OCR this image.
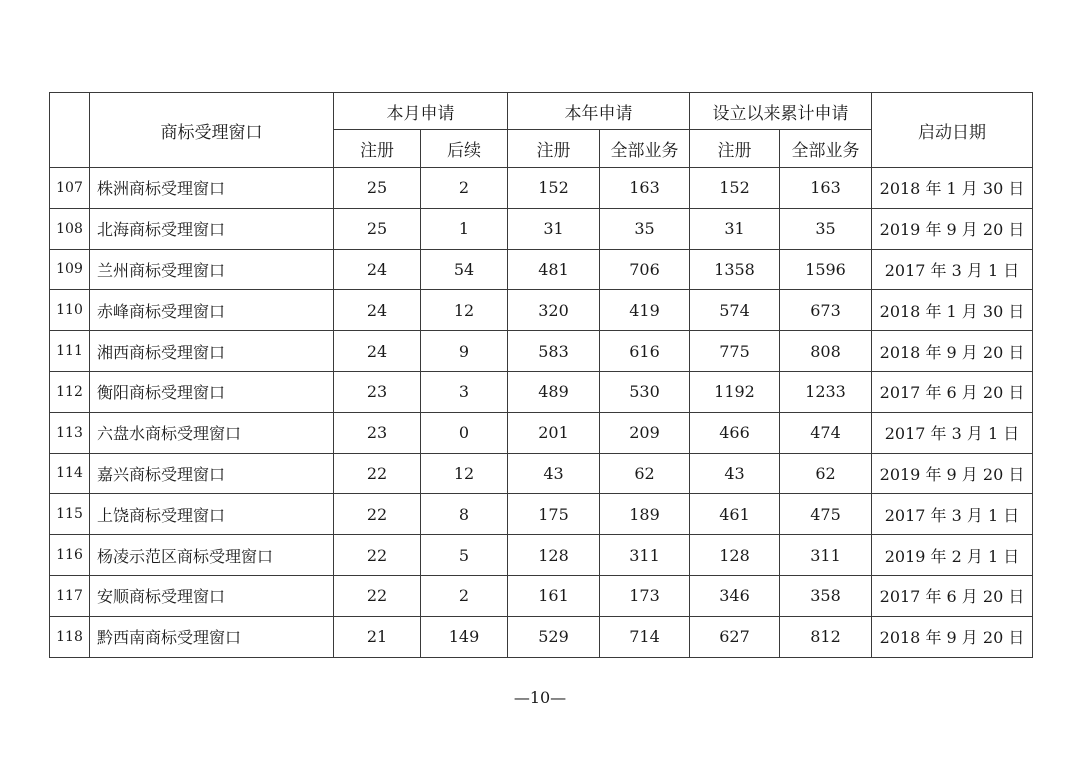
	商标受理窗口	本月申请		本年申请		设立以来累计申请		启动日期
		注册	后续	注册	全部业务	注册	全部业务	
107	株洲商标受理窗口	25	2	152	163	152	163	2018 年 1 月 30 日
108	北海商标受理窗口	25	1	31	35	31	35	2019 年 9 月 20 日
109	兰州商标受理窗口	24	54	481	706	1358	1596	2017 年 3 月 1 日
110	赤峰商标受理窗口	24	12	320	419	574	673	2018 年 1 月 30 日
111	湘西商标受理窗口	24	9	583	616	775	808	2018 年 9 月 20 日
112	衡阳商标受理窗口	23	3	489	530	1192	1233	2017 年 6 月 20 日
113	六盘水商标受理窗口	23	0	201	209	466	474	2017 年 3 月 1 日
114	嘉兴商标受理窗口	22	12	43	62	43	62	2019 年 9 月 20 日
115	上饶商标受理窗口	22	8	175	189	461	475	2017 年 3 月 1 日
116	杨凌示范区商标受理窗口	22	5	128	311	128	311	2019 年 2 月 1 日
117	安顺商标受理窗口	22	2	161	173	346	358	2017 年 6 月 20 日
118	黔西南商标受理窗口	21	149	529	714	627	812	2018 年 9 月 20 日
—10—
